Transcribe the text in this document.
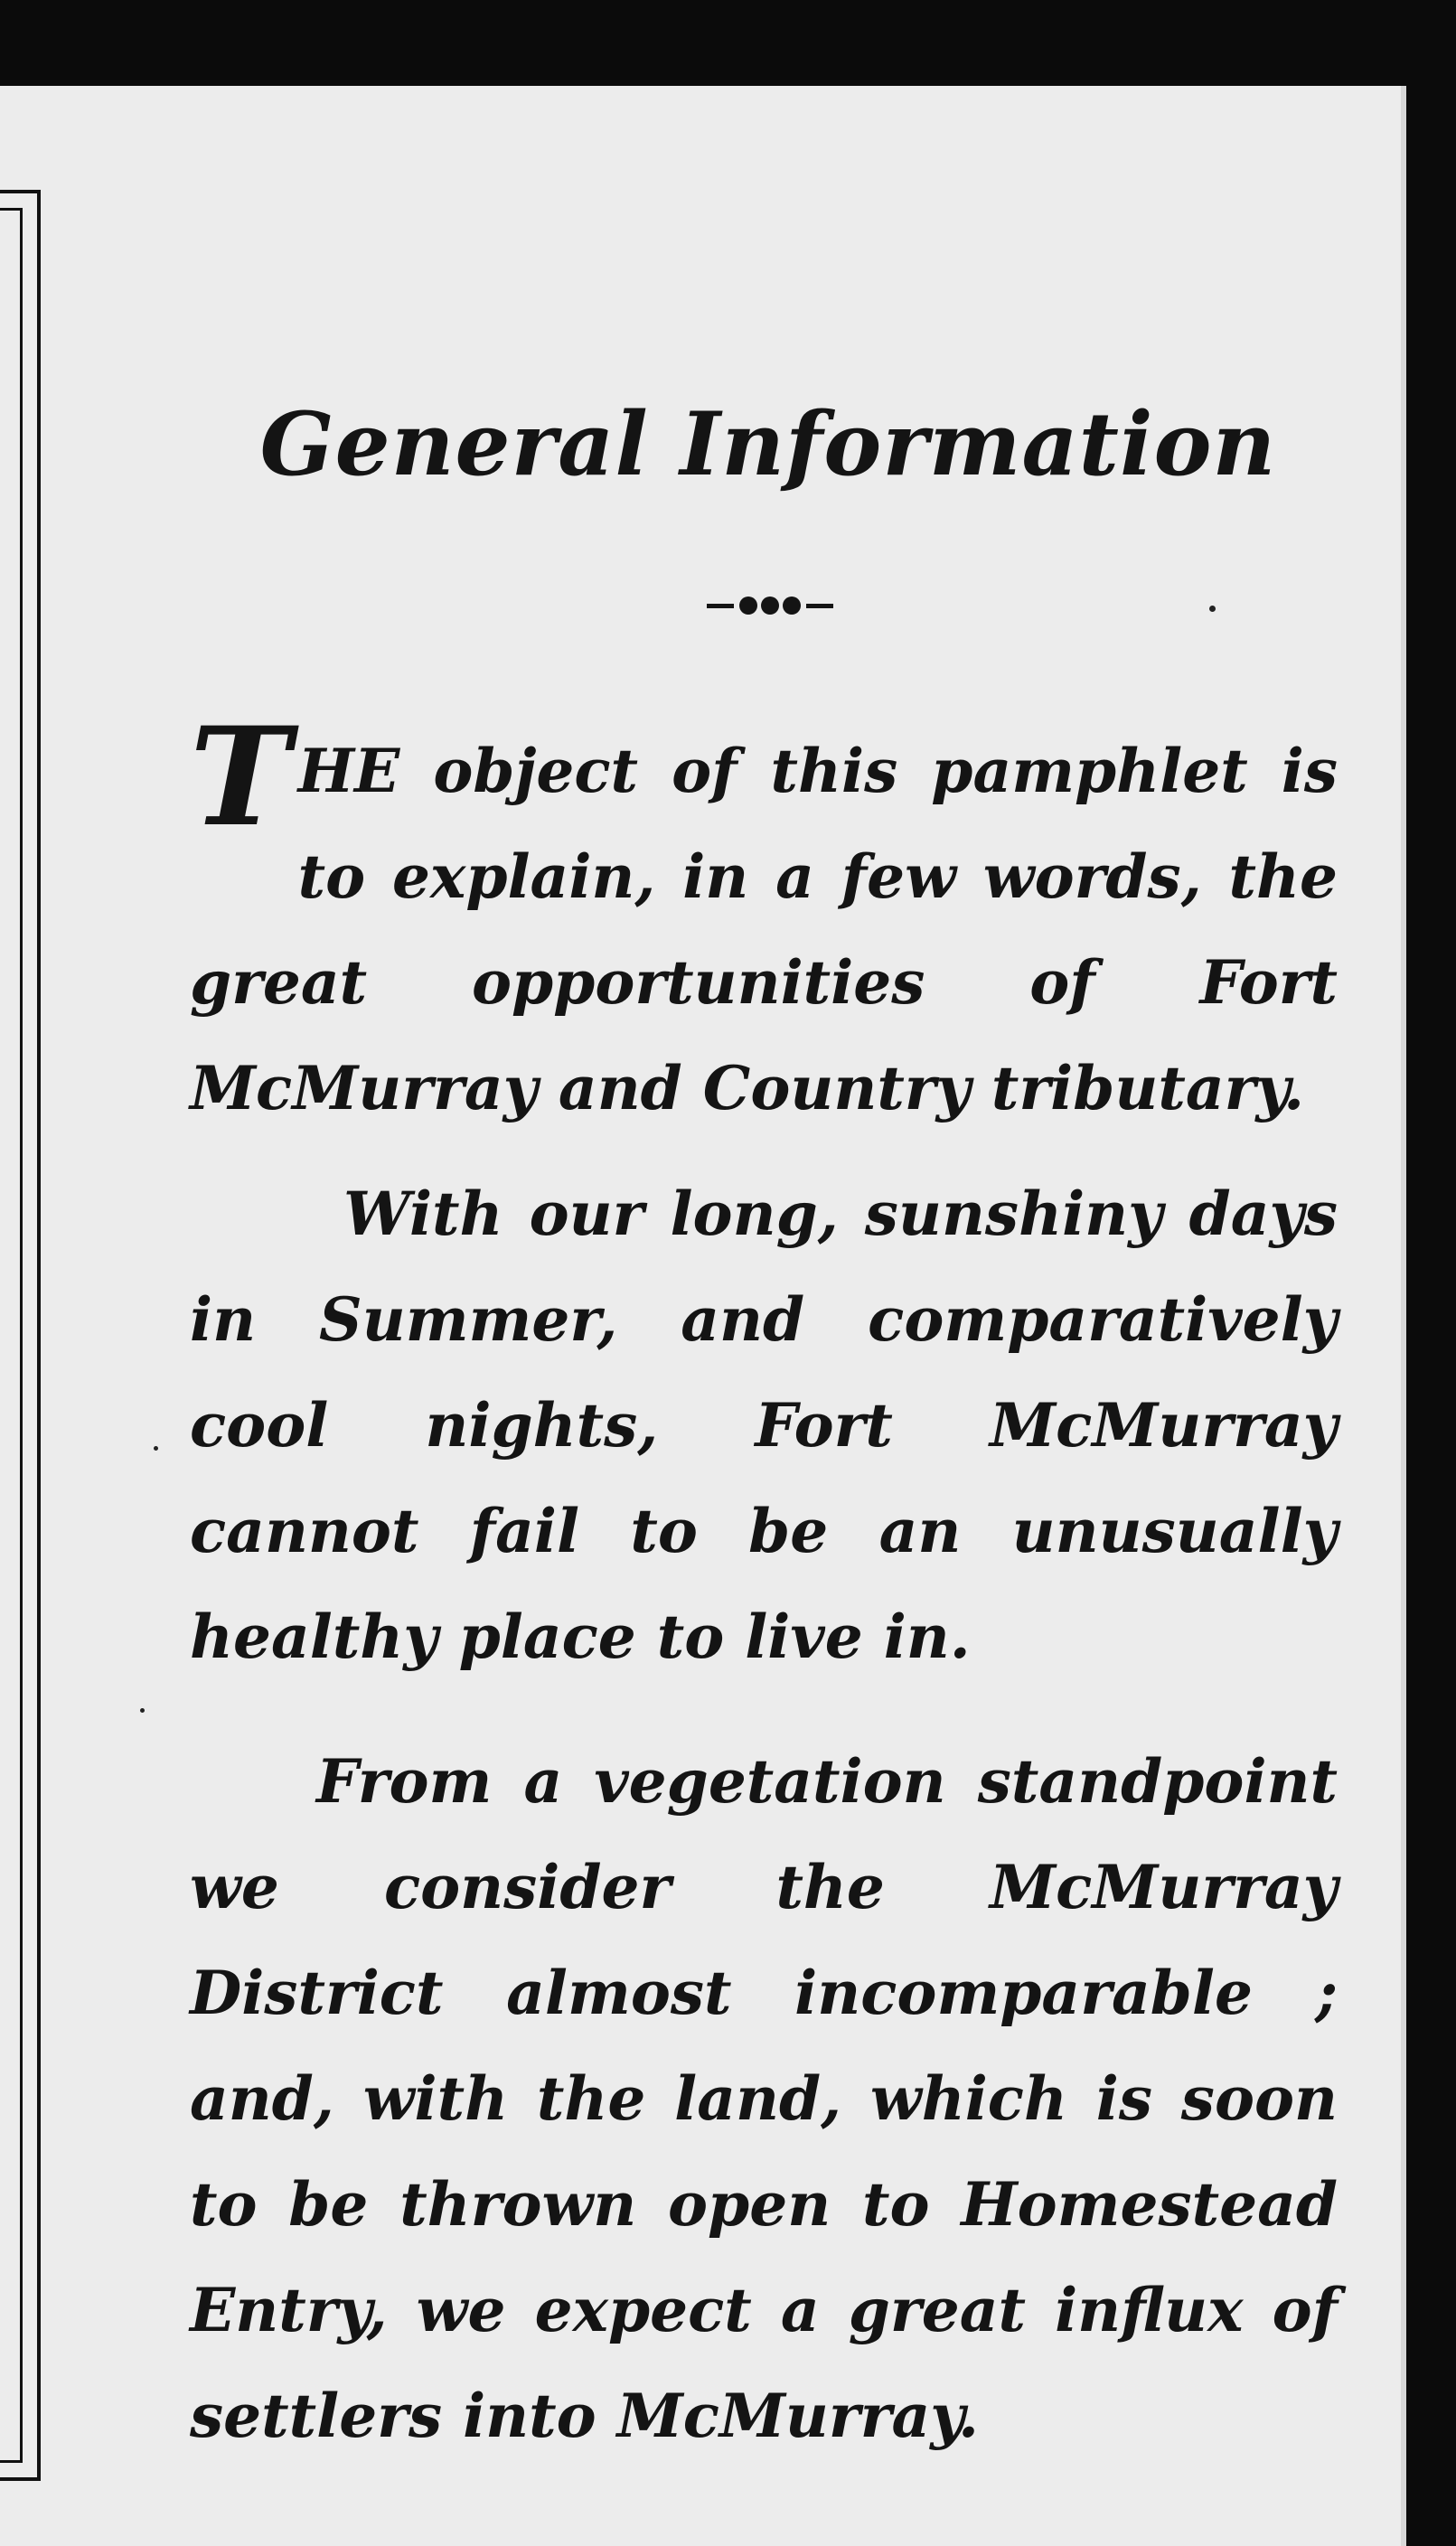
General Information

THE object of this pamphlet is to explain, in a few words, the great opportunities of Fort McMurray and Country tributary.

With our long, sunshiny days in Summer, and comparatively cool nights, Fort McMurray cannot fail to be an unusually healthy place to live in.

From a vegetation standpoint we consider the McMurray District almost incomparable ; and, with the land, which is soon to be thrown open to Homestead Entry, we expect a great influx of settlers into McMurray.
